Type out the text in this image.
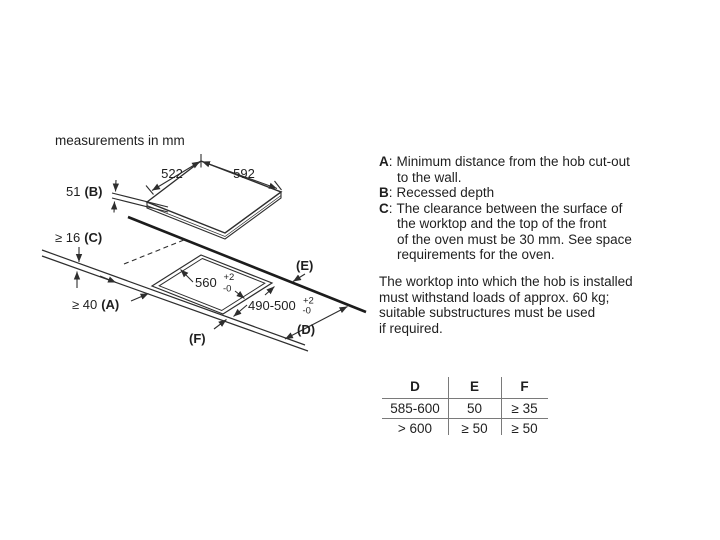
measurements in mm
522	592
51 (B)
≥ 16 (C)
≥ 40 (A)
560 +2
-0
490-500 +2
-0
(E)
(D)
(F)
A: Minimum distance from the hob cut-out
to the wall.
B: Recessed depth
C: The clearance between the surface of
the worktop and the top of the front
of the oven must be 30 mm. See space
requirements for the oven.
The worktop into which the hob is installed
must withstand loads of approx. 60 kg;
suitable substructures must be used
if required.
D	E	F
585-600	50	≥ 35
> 600	≥ 50	≥ 50
